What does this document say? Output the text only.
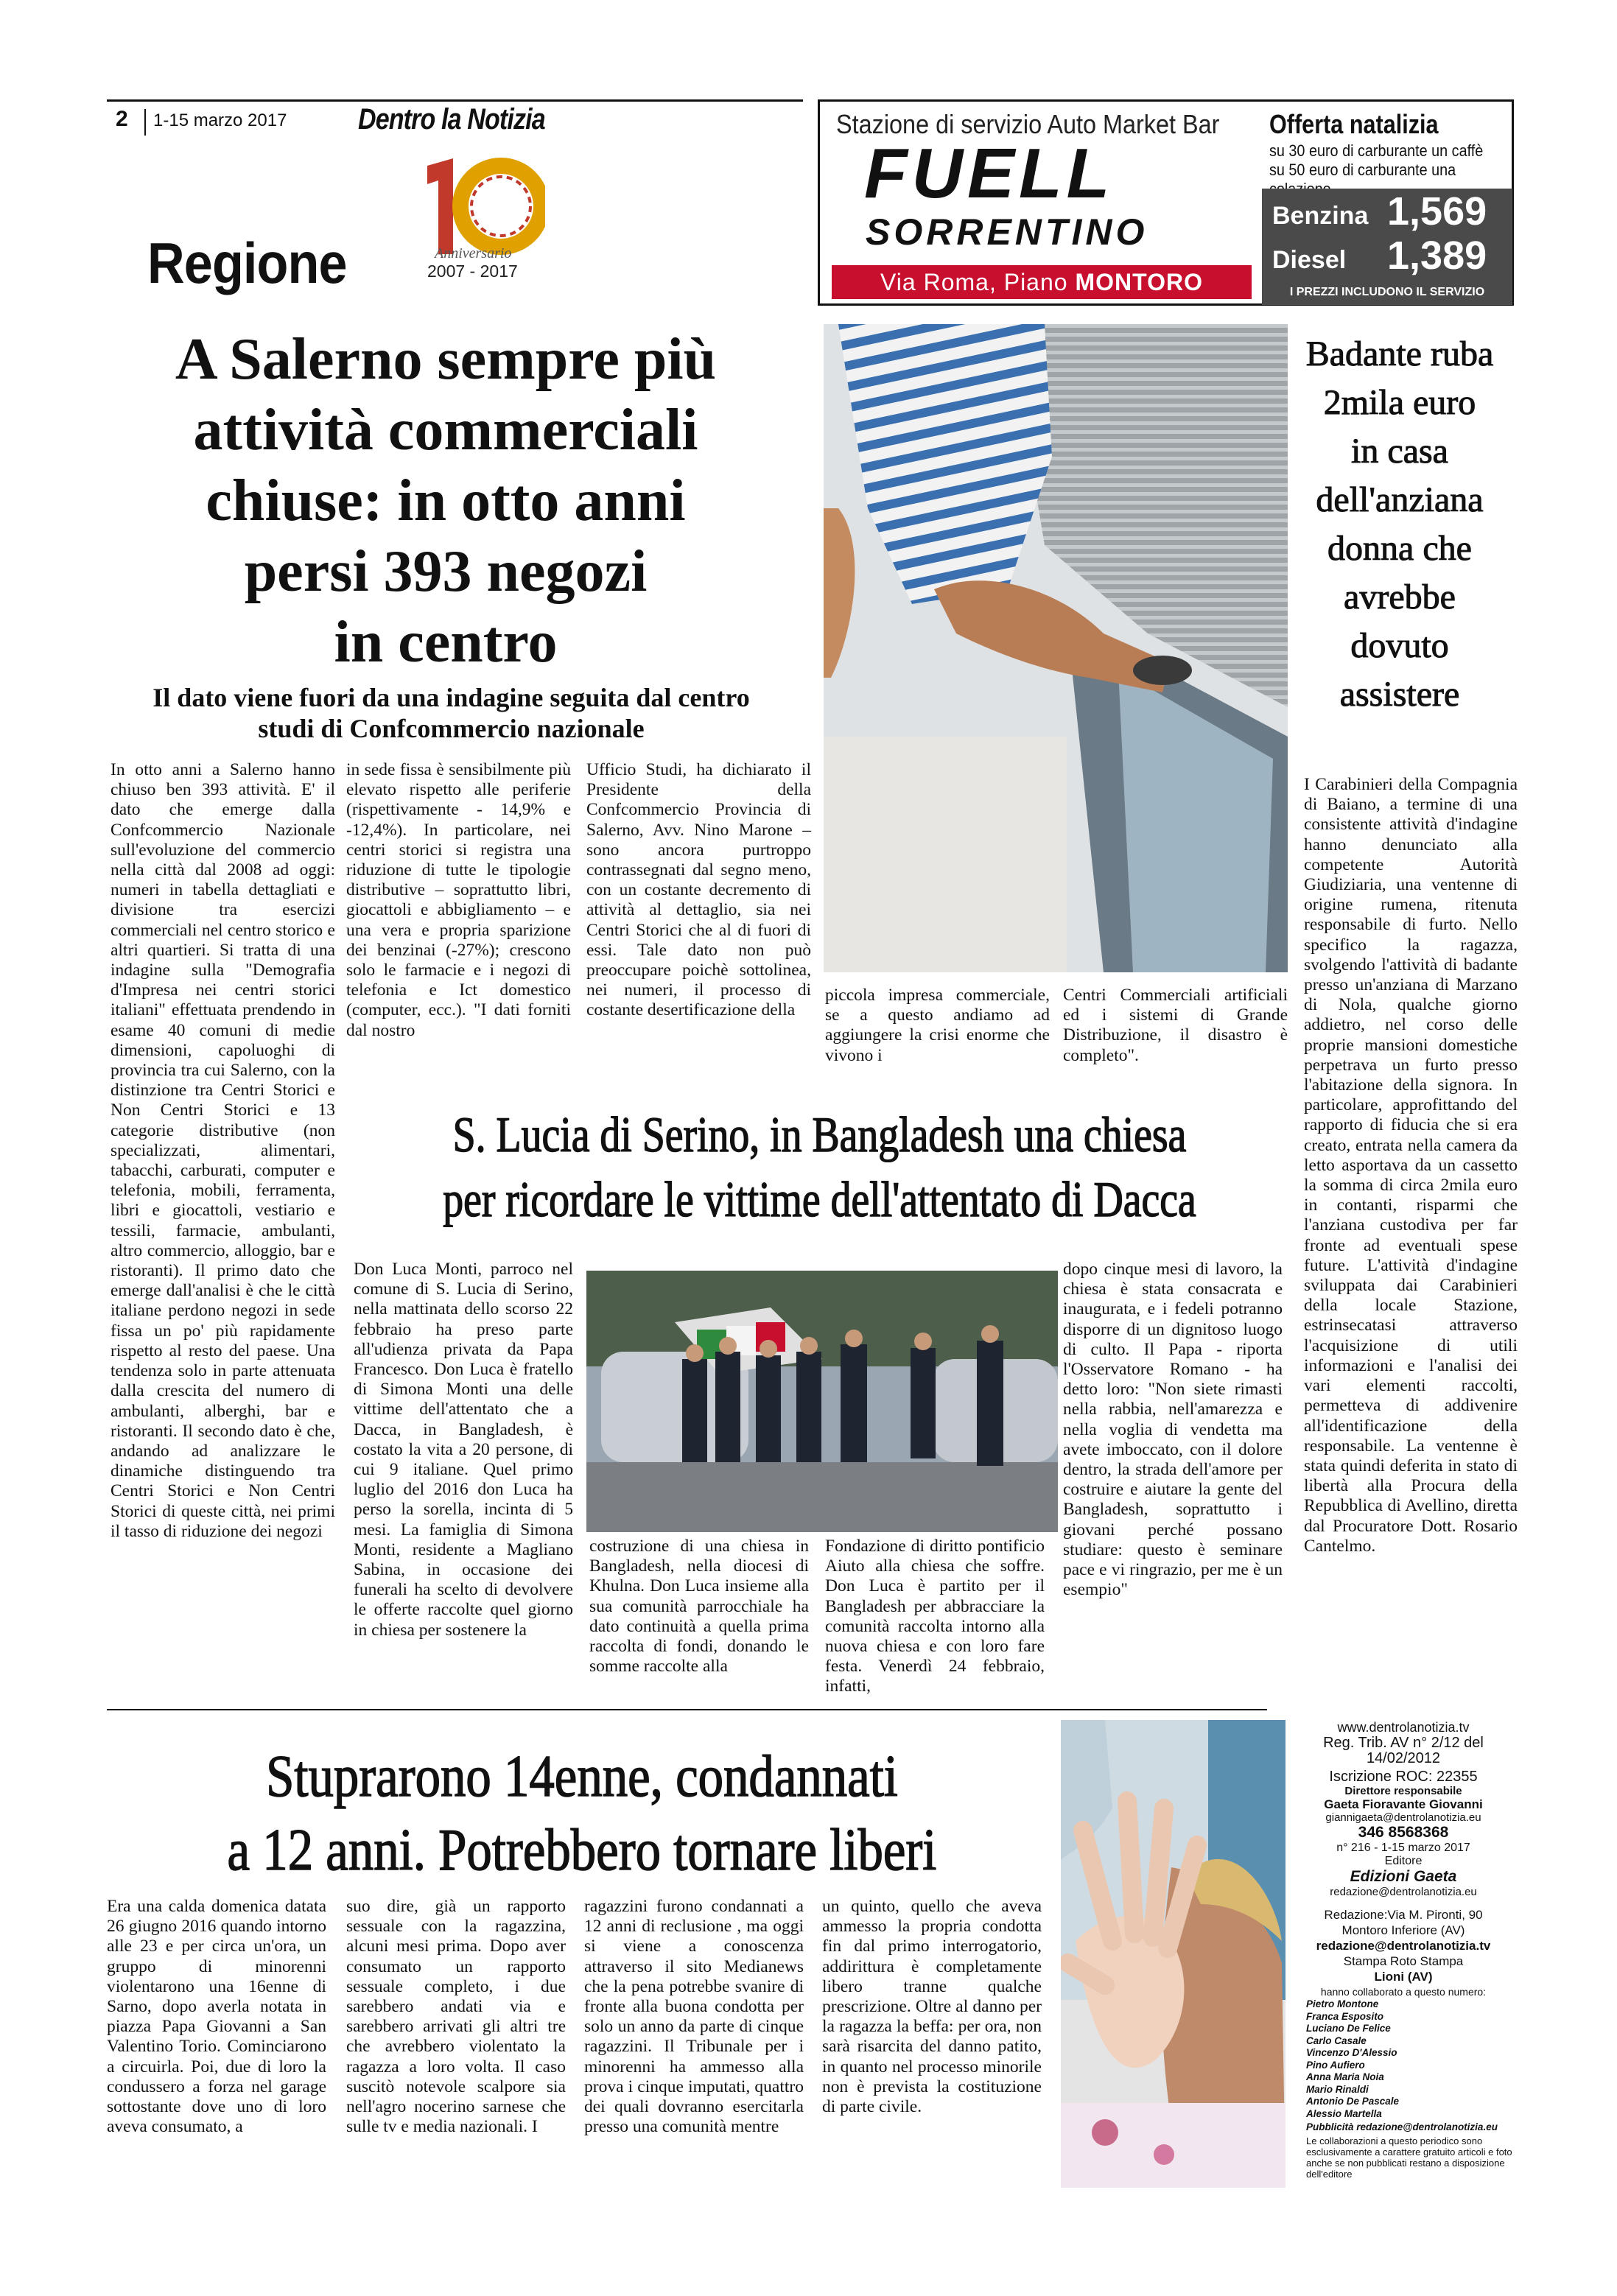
2 1-15 marzo 2017 Dentro la Notizia
Anniversario
2007 - 2017
Regione
Stazione di servizio Auto Market Bar
FUELL
SORRENTINO
Via Roma, Piano MONTORO
Offerta natalizia
su 30 euro di carburante un caffè
su 50 euro di carburante una
Benzina 1,569
Diesel 1,389
I PREZZI INCLUDONO IL SERVIZIO
A Salerno sempre più
attività commerciali
chiuse: in otto anni
persi 393 negozi
in centro
Il dato viene fuori da una indagine seguita dal centro
studi di Confcommercio nazionale
In otto anni a Salerno hanno chiuso ben 393 attività. E' il dato che emerge dalla Confcommercio Nazionale sull'evoluzione del commercio nella città dal 2008 ad oggi: numeri in tabella dettagliati e divisione tra esercizi commerciali nel centro storico e altri quartieri. Si tratta di una indagine sulla "Demografia d'Impresa nei centri storici italiani" effettuata prendendo in esame 40 comuni di medie dimensioni, capoluoghi di provincia tra cui Salerno, con la distinzione tra Centri Storici e Non Centri Storici e 13 categorie distributive (non specializzati, alimentari, tabacchi, carburati, computer e telefonia, mobili, ferramenta, libri e giocattoli, vestiario e tessili, farmacie, ambulanti, altro commercio, alloggio, bar e ristoranti). Il primo dato che emerge dall'analisi è che le città italiane perdono negozi in sede fissa un po' più rapidamente rispetto al resto del paese. Una tendenza solo in parte attenuata dalla crescita del numero di ambulanti, alberghi, bar e ristoranti. Il secondo dato è che, andando ad analizzare le dinamiche distinguendo tra Centri Storici e Non Centri Storici di queste città, nei primi il tasso di riduzione dei negozi
in sede fissa è sensibilmente più elevato rispetto alle periferie (rispettivamente - 14,9% e -12,4%). In particolare, nei centri storici si registra una riduzione di tutte le tipologie distributive – soprattutto libri, giocattoli e abbigliamento – e una vera e propria sparizione dei benzinai (-27%); crescono solo le farmacie e i negozi di telefonia e Ict domestico (computer, ecc.). "I dati forniti dal nostro
Ufficio Studi, ha dichiarato il Presidente della Confcommercio Provincia di Salerno, Avv. Nino Marone – sono ancora purtroppo contrassegnati dal segno meno, con un costante decremento di attività al dettaglio, sia nei Centri Storici che al di fuori di essi. Tale dato non può preoccupare poichè sottolinea, nei numeri, il processo di costante desertificazione della
piccola impresa commerciale, se a questo andiamo ad aggiungere la crisi enorme che vivono i
Centri Commerciali artificiali ed i sistemi di Grande Distribuzione, il disastro è completo".
Badante ruba
2mila euro
in casa
dell'anziana
donna che
avrebbe
dovuto
assistere
I Carabinieri della Compagnia di Baiano, a termine di una consistente attività d'indagine hanno denunciato alla competente Autorità Giudiziaria, una ventenne di origine rumena, ritenuta responsabile di furto. Nello specifico la ragazza, svolgendo l'attività di badante presso un'anziana di Marzano di Nola, qualche giorno addietro, nel corso delle proprie mansioni domestiche perpetrava un furto presso l'abitazione della signora. In particolare, approfittando del rapporto di fiducia che si era creato, entrata nella camera da letto asportava da un cassetto la somma di circa 2mila euro in contanti, risparmi che l'anziana custodiva per far fronte ad eventuali spese future. L'attività d'indagine sviluppata dai Carabinieri della locale Stazione, estrinsecatasi attraverso l'acquisizione di utili informazioni e l'analisi dei vari elementi raccolti, permetteva di addivenire all'identificazione della responsabile. La ventenne è stata quindi deferita in stato di libertà alla Procura della Repubblica di Avellino, diretta dal Procuratore Dott. Rosario Cantelmo.
S. Lucia di Serino, in Bangladesh una chiesa
per ricordare le vittime dell'attentato di Dacca
Don Luca Monti, parroco nel comune di S. Lucia di Serino, nella mattinata dello scorso 22 febbraio ha preso parte all'udienza privata da Papa Francesco. Don Luca è fratello di Simona Monti una delle vittime dell'attentato che a Dacca, in Bangladesh, è costato la vita a 20 persone, di cui 9 italiane. Quel primo luglio del 2016 don Luca ha perso la sorella, incinta di 5 mesi. La famiglia di Simona Monti, residente a Magliano Sabina, in occasione dei funerali ha scelto di devolvere le offerte raccolte quel giorno in chiesa per sostenere la
costruzione di una chiesa in Bangladesh, nella diocesi di Khulna. Don Luca insieme alla sua comunità parrocchiale ha dato continuità a quella prima raccolta di fondi, donando le somme raccolte alla
Fondazione di diritto pontificio Aiuto alla chiesa che soffre. Don Luca è partito per il Bangladesh per abbracciare la comunità raccolta intorno alla nuova chiesa e con loro fare festa. Venerdì 24 febbraio, infatti,
dopo cinque mesi di lavoro, la chiesa è stata consacrata e inaugurata, e i fedeli potranno disporre di un dignitoso luogo di culto. Il Papa - riporta l'Osservatore Romano - ha detto loro: "Non siete rimasti nella rabbia, nell'amarezza e nella voglia di vendetta ma avete imboccato, con il dolore dentro, la strada dell'amore per costruire e aiutare la gente del Bangladesh, soprattutto i giovani perché possano studiare: questo è seminare pace e vi ringrazio, per me è un esempio"
Stuprarono 14enne, condannati
a 12 anni. Potrebbero tornare liberi
Era una calda domenica datata 26 giugno 2016 quando intorno alle 23 e per circa un'ora, un gruppo di minorenni violentarono una 16enne di Sarno, dopo averla notata in piazza Papa Giovanni a San Valentino Torio. Cominciarono a circuirla. Poi, due di loro la condussero a forza nel garage sottostante dove uno di loro aveva consumato, a
suo dire, già un rapporto sessuale con la ragazzina, alcuni mesi prima. Dopo aver consumato un rapporto sessuale completo, i due sarebbero andati via e sarebbero arrivati gli altri tre che avrebbero violentato la ragazza a loro volta. Il caso suscitò notevole scalpore sia nell'agro nocerino sarnese che sulle tv e media nazionali. I
ragazzini furono condannati a 12 anni di reclusione , ma oggi si viene a conoscenza attraverso il sito Medianews che la pena potrebbe svanire di fronte alla buona condotta per solo un anno da parte di cinque ragazzini. Il Tribunale per i minorenni ha ammesso alla prova i cinque imputati, quattro dei quali dovranno esercitarla presso una comunità mentre
un quinto, quello che aveva ammesso la propria condotta fin dal primo interrogatorio, addirittura è completamente libero tranne qualche prescrizione. Oltre al danno per la ragazza la beffa: per ora, non sarà risarcita del danno patito, in quanto nel processo minorile non è prevista la costituzione di parte civile.
www.dentrolanotizia.tv
Reg. Trib. AV n° 2/12 del
14/02/2012
Iscrizione ROC: 22355
Direttore responsabile
Gaeta Fioravante Giovanni
giannigaeta@dentrolanotizia.eu
346 8568368
n° 216 - 1-15 marzo 2017
Editore
Edizioni Gaeta
redazione@dentrolanotizia.eu
Redazione:Via M. Pironti, 90
Montoro Inferiore (AV)
redazione@dentrolanotizia.tv
Stampa Roto Stampa
Lioni (AV)
hanno collaborato a questo numero:
Pietro Montone
Franca Esposito
Luciano De Felice
Carlo Casale
Vincenzo D'Alessio
Pino Aufiero
Anna Maria Noia
Mario Rinaldi
Antonio De Pascale
Alessio Martella
Pubblicità redazione@dentrolanotizia.eu
Le collaborazioni a questo periodico sono esclusivamente a carattere gratuito articoli e foto anche se non pubblicati restano a disposizione dell'editore
